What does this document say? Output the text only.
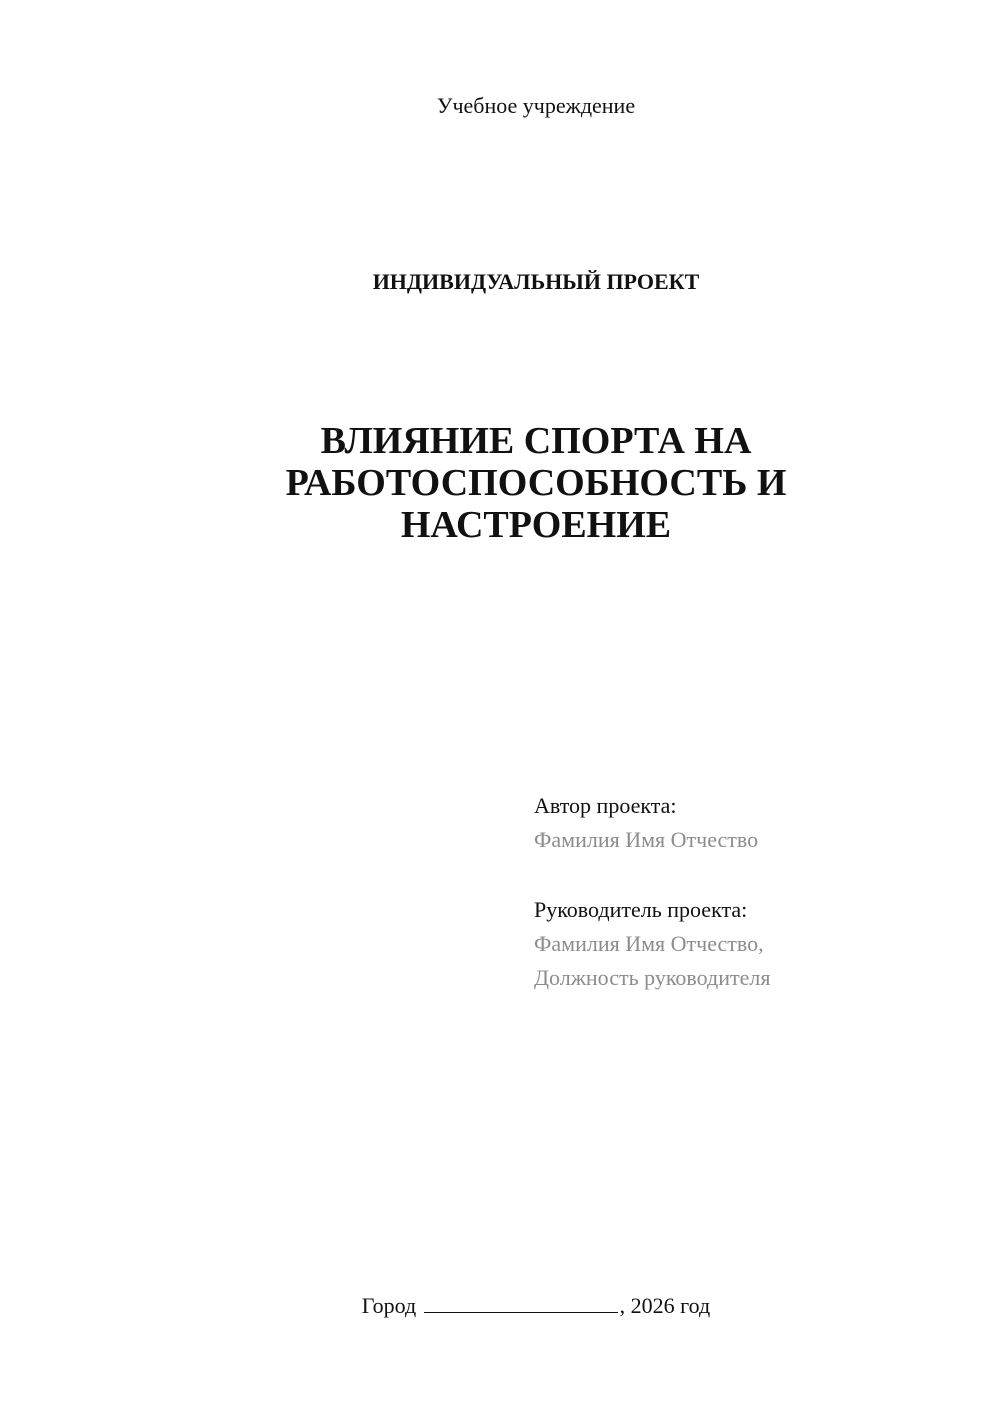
Учебное учреждение
ИНДИВИДУАЛЬНЫЙ ПРОЕКТ
ВЛИЯНИЕ СПОРТА НА
РАБОТОСПОСОБНОСТЬ И
НАСТРОЕНИЕ
Автор проекта:
Фамилия Имя Отчество
Руководитель проекта:
Фамилия Имя Отчество,
Должность руководителя
Город	, 2026 год
